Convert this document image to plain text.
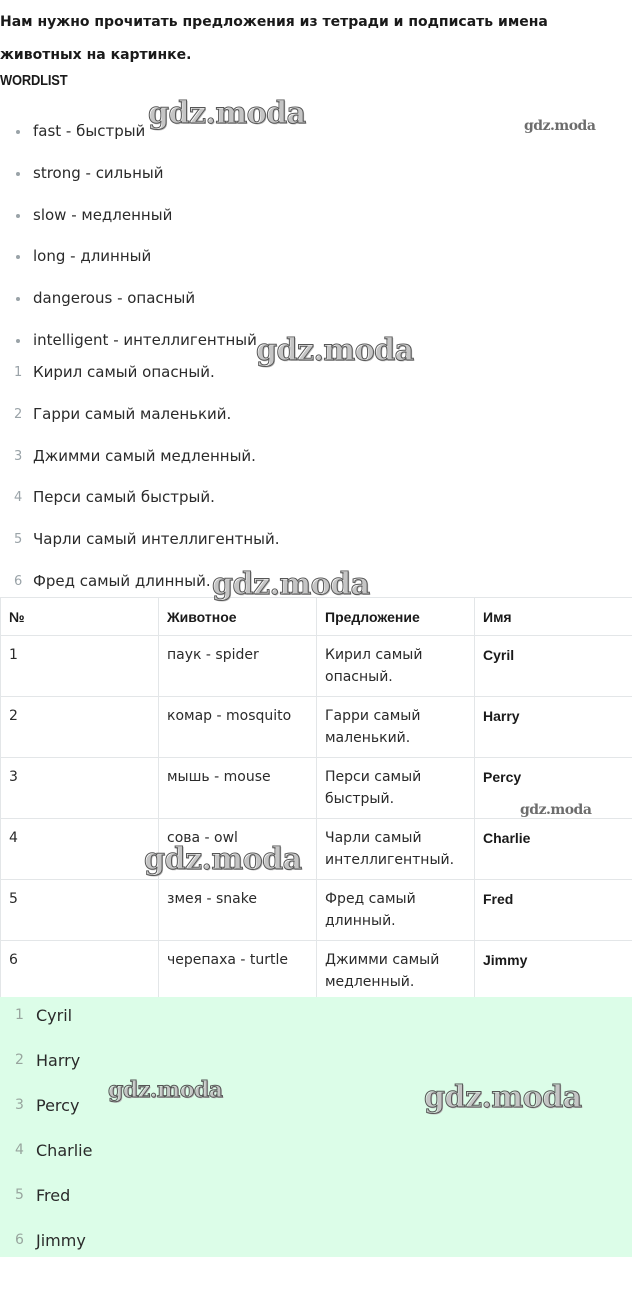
Нам нужно прочитать предложения из тетради и подписать имена животных на картинке.
WORDLIST
fast - быстрый
strong - сильный
slow - медленный
long - длинный
dangerous - опасный
intelligent - интеллигентный
1 Кирил самый опасный.
2 Гарри самый маленький.
3 Джимми самый медленный.
4 Перси самый быстрый.
5 Чарли самый интеллигентный.
6 Фред самый длинный.
№	Животное	Предложение	Имя
1	паук - spider	Кирил самый опасный.	Cyril
2	комар - mosquito	Гарри самый маленький.	Harry
3	мышь - mouse	Перси самый быстрый.	Percy
4	сова - owl	Чарли самый интеллигентный.	Charlie
5	змея - snake	Фред самый длинный.	Fred
6	черепаха - turtle	Джимми самый медленный.	Jimmy
1 Cyril
2 Harry
3 Percy
4 Charlie
5 Fred
6 Jimmy
gdz.moda	gdz.moda
gdz.moda
gdz.moda
gdz.moda
gdz.moda
